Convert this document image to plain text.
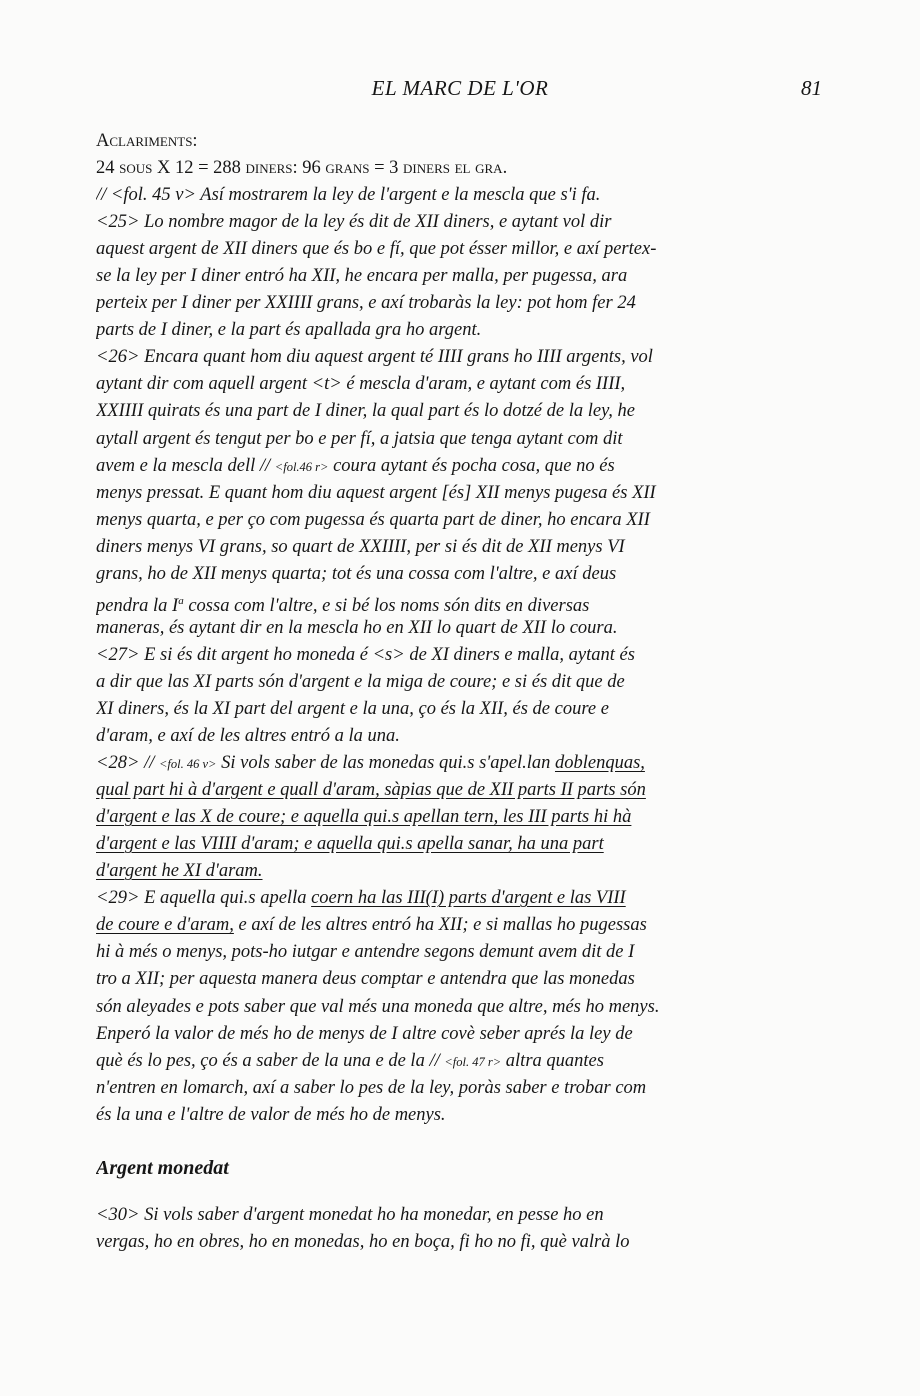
EL MARC DE L'OR	81
Aclariments:
24 sous X 12 = 288 diners: 96 grans = 3 diners el gra.
// <fol. 45 v> Así mostrarem la ley de l'argent e la mescla que s'i fa.
<25> Lo nombre magor de la ley és dit de XII diners, e aytant vol dir
aquest argent de XII diners que és bo e fí, que pot ésser millor, e axí pertex-
se la ley per I diner entró ha XII, he encara per malla, per pugessa, ara
perteix per I diner per XXIIII grans, e axí trobaràs la ley: pot hom fer 24
parts de I diner, e la part és apallada gra ho argent.
<26> Encara quant hom diu aquest argent té IIII grans ho IIII argents, vol
aytant dir com aquell argent <t> é mescla d'aram, e aytant com és IIII,
XXIIII quirats és una part de I diner, la qual part és lo dotzé de la ley, he
aytall argent és tengut per bo e per fí, a jatsia que tenga aytant com dit
avem e la mescla dell // <fol.46 r> coura aytant és pocha cosa, que no és
menys pressat. E quant hom diu aquest argent [és] XII menys pugesa és XII
menys quarta, e per ço com pugessa és quarta part de diner, ho encara XII
diners menys VI grans, so quart de XXIIII, per si és dit de XII menys VI
grans, ho de XII menys quarta; tot és una cossa com l'altre, e axí deus
pendra la $I^a$ cossa com l'altre, e si bé los noms són dits en diversas
maneras, és aytant dir en la mescla ho en XII lo quart de XII lo coura.
<27> E si és dit argent ho moneda é <s> de XI diners e malla, aytant és
a dir que las XI parts són d'argent e la miga de coure; e si és dit que de
XI diners, és la XI part del argent e la una, ço és la XII, és de coure e
d'aram, e axí de les altres entró a la una.
<28> // <fol. 46 v> Si vols saber de las monedas qui.s s'apel.lan doblenquas,
qual part hi à d'argent e quall d'aram, sàpias que de XII parts II parts són
d'argent e las X de coure; e aquella qui.s apellan tern, les III parts hi hà
d'argent e las VIIII d'aram; e aquella qui.s apella sanar, ha una part
d'argent he XI d'aram.
<29> E aquella qui.s apella coern ha las III(I) parts d'argent e las VIII
de coure e d'aram, e axí de les altres entró ha XII; e si mallas ho pugessas
hi à més o menys, pots-ho iutgar e antendre segons demunt avem dit de I
tro a XII; per aquesta manera deus comptar e antendra que las monedas
són aleyades e pots saber que val més una moneda que altre, més ho menys.
Enperó la valor de més ho de menys de I altre covè seber aprés la ley de
què és lo pes, ço és a saber de la una e de la // <fol. 47 r> altra quantes
n'entren en lomarch, axí a saber lo pes de la ley, poràs saber e trobar com
és la una e l'altre de valor de més ho de menys.
Argent monedat
<30> Si vols saber d'argent monedat ho ha monedar, en pesse ho en
vergas, ho en obres, ho en monedas, ho en boça, fi ho no fi, què valrà lo
